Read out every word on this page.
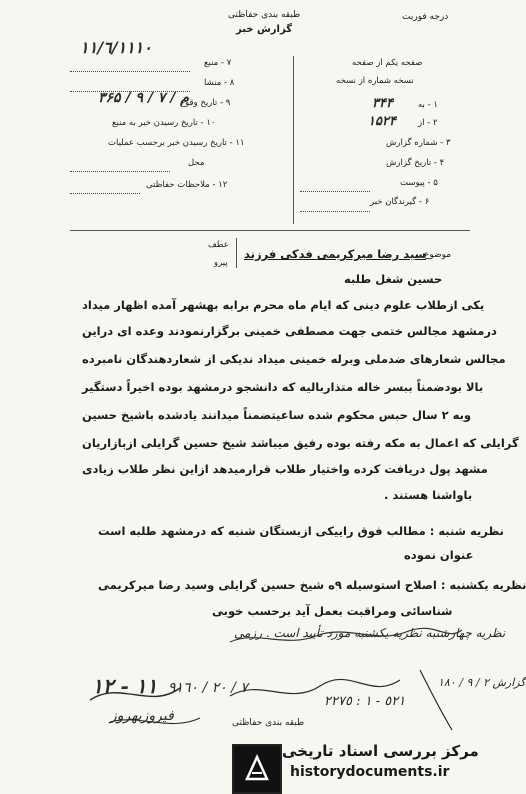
درجه فوریت
طبقه بندی حفاظتی
گزارش خبر
١١/٦/١١١٠
صفحه یکم از صفحه
نسخه شماره از نسخه
۱ - به
۲ - از
۳ - شماره گزارش
۴ - تاریخ گزارش
۵ - پیوست
۶ - گیرندگان خبر
۳۴۴
۱۵۲۴
۷ - منبع
۸ - منشا
۹ - تاریخ وقوع
۱۰ - تاریخ رسیدن خبر به منبع
۱۱ - تاریخ رسیدن خبر برحسب عملیات
محل
۱۲ - ملاحظات حفاظتی
۳م / ۷ / ۹ / ۶۵
موضوع
سید رضا میرکریمی فدکی فرزند
عطف
پیرو
حسین شغل طلبه
یکی ازطلاب علوم دینی که ایام ماه محرم برابه بهشهر آمده اظهار میداد
درمشهد مجالس ختمی جهت مصطفی خمینی برگزارنمودند وعده ای دراین
مجالس شعارهای ضدملی وبرله خمینی میداد ندیکی از شعاردهندگان نامبرده
بالا بودضمناً ببسر خاله متذاربالیه که دانشجو درمشهد بوده اخیراً دستگیر
وبه ۲ سال حبس محکوم شده ساعیتضمناً میدانند یادشده باشیخ حسین
گرایلی که اعمال به مکه رفته بوده رفیق میباشد شیخ حسین گرایلی ازبازاریان
مشهد پول دریافت کرده واختیار طلاب قرارمیدهد ازاین نظر طلاب زیادی
باواشنا هستند .
نظریه شنبه : مطالب فوق راییکی ازبستگان شنبه که درمشهد طلبه است
عنوان نموده
نظریه یکشنبه : اصلاح استوسیله ۹ه شیخ حسین گرایلی وسید رضا میرکریمی
شناسائی ومراقبت بعمل آید برحسب خوبی
نظریه چهارشنبه نظریه یکشنبه مورد تأیید است . رزمی
١١ - ١٢ ٧ / ٢٠ / ٩١٦٠
٥٢١ - ١ : ٢٢٧٥
گزارش ٢ / ٩ / ١٨٠
فیروزبهروز	طبقه بندی حفاظتی
مرکز بررسی اسناد تاریخی
historydocuments.ir
